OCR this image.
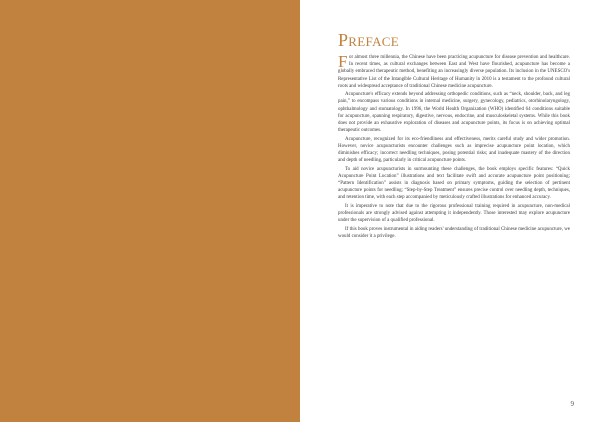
Preface

For almost three millennia, the Chinese have been practicing acupuncture for disease prevention and healthcare. In recent times, as cultural exchanges between East and West have flourished, acupuncture has become a globally embraced therapeutic method, benefiting an increasingly diverse population. Its inclusion in the UNESCO's Representative List of the Intangible Cultural Heritage of Humanity in 2010 is a testament to the profound cultural roots and widespread acceptance of traditional Chinese medicine acupuncture.

Acupuncture's efficacy extends beyond addressing orthopedic conditions, such as “neck, shoulder, back, and leg pain,” to encompass various conditions in internal medicine, surgery, gynecology, pediatrics, otorhinolaryngology, ophthalmology and stomatology. In 1996, the World Health Organization (WHO) identified 64 conditions suitable for acupuncture, spanning respiratory, digestive, nervous, endocrine, and musculoskeletal systems. While this book does not provide an exhaustive exploration of diseases and acupuncture points, its focus is on achieving optimal therapeutic outcomes.

Acupuncture, recognized for its eco-friendliness and effectiveness, merits careful study and wider promotion. However, novice acupuncturists encounter challenges such as imprecise acupuncture point location, which diminishes efficacy; incorrect needling techniques, posing potential risks; and inadequate mastery of the direction and depth of needling, particularly in critical acupuncture points.

To aid novice acupuncturists in surmounting these challenges, the book employs specific features: “Quick Acupuncture Point Location” illustrations and text facilitate swift and accurate acupuncture point positioning; “Pattern Identification” assists in diagnosis based on primary symptoms, guiding the selection of pertinent acupuncture points for needling; “Step-by-Step Treatment” ensures precise control over needling depth, techniques, and retention time, with each step accompanied by meticulously crafted illustrations for enhanced accuracy.

It is imperative to note that due to the rigorous professional training required in acupuncture, non-medical professionals are strongly advised against attempting it independently. Those interested may explore acupuncture under the supervision of a qualified professional.

If this book proves instrumental in aiding readers' understanding of traditional Chinese medicine acupuncture, we would consider it a privilege.

9
